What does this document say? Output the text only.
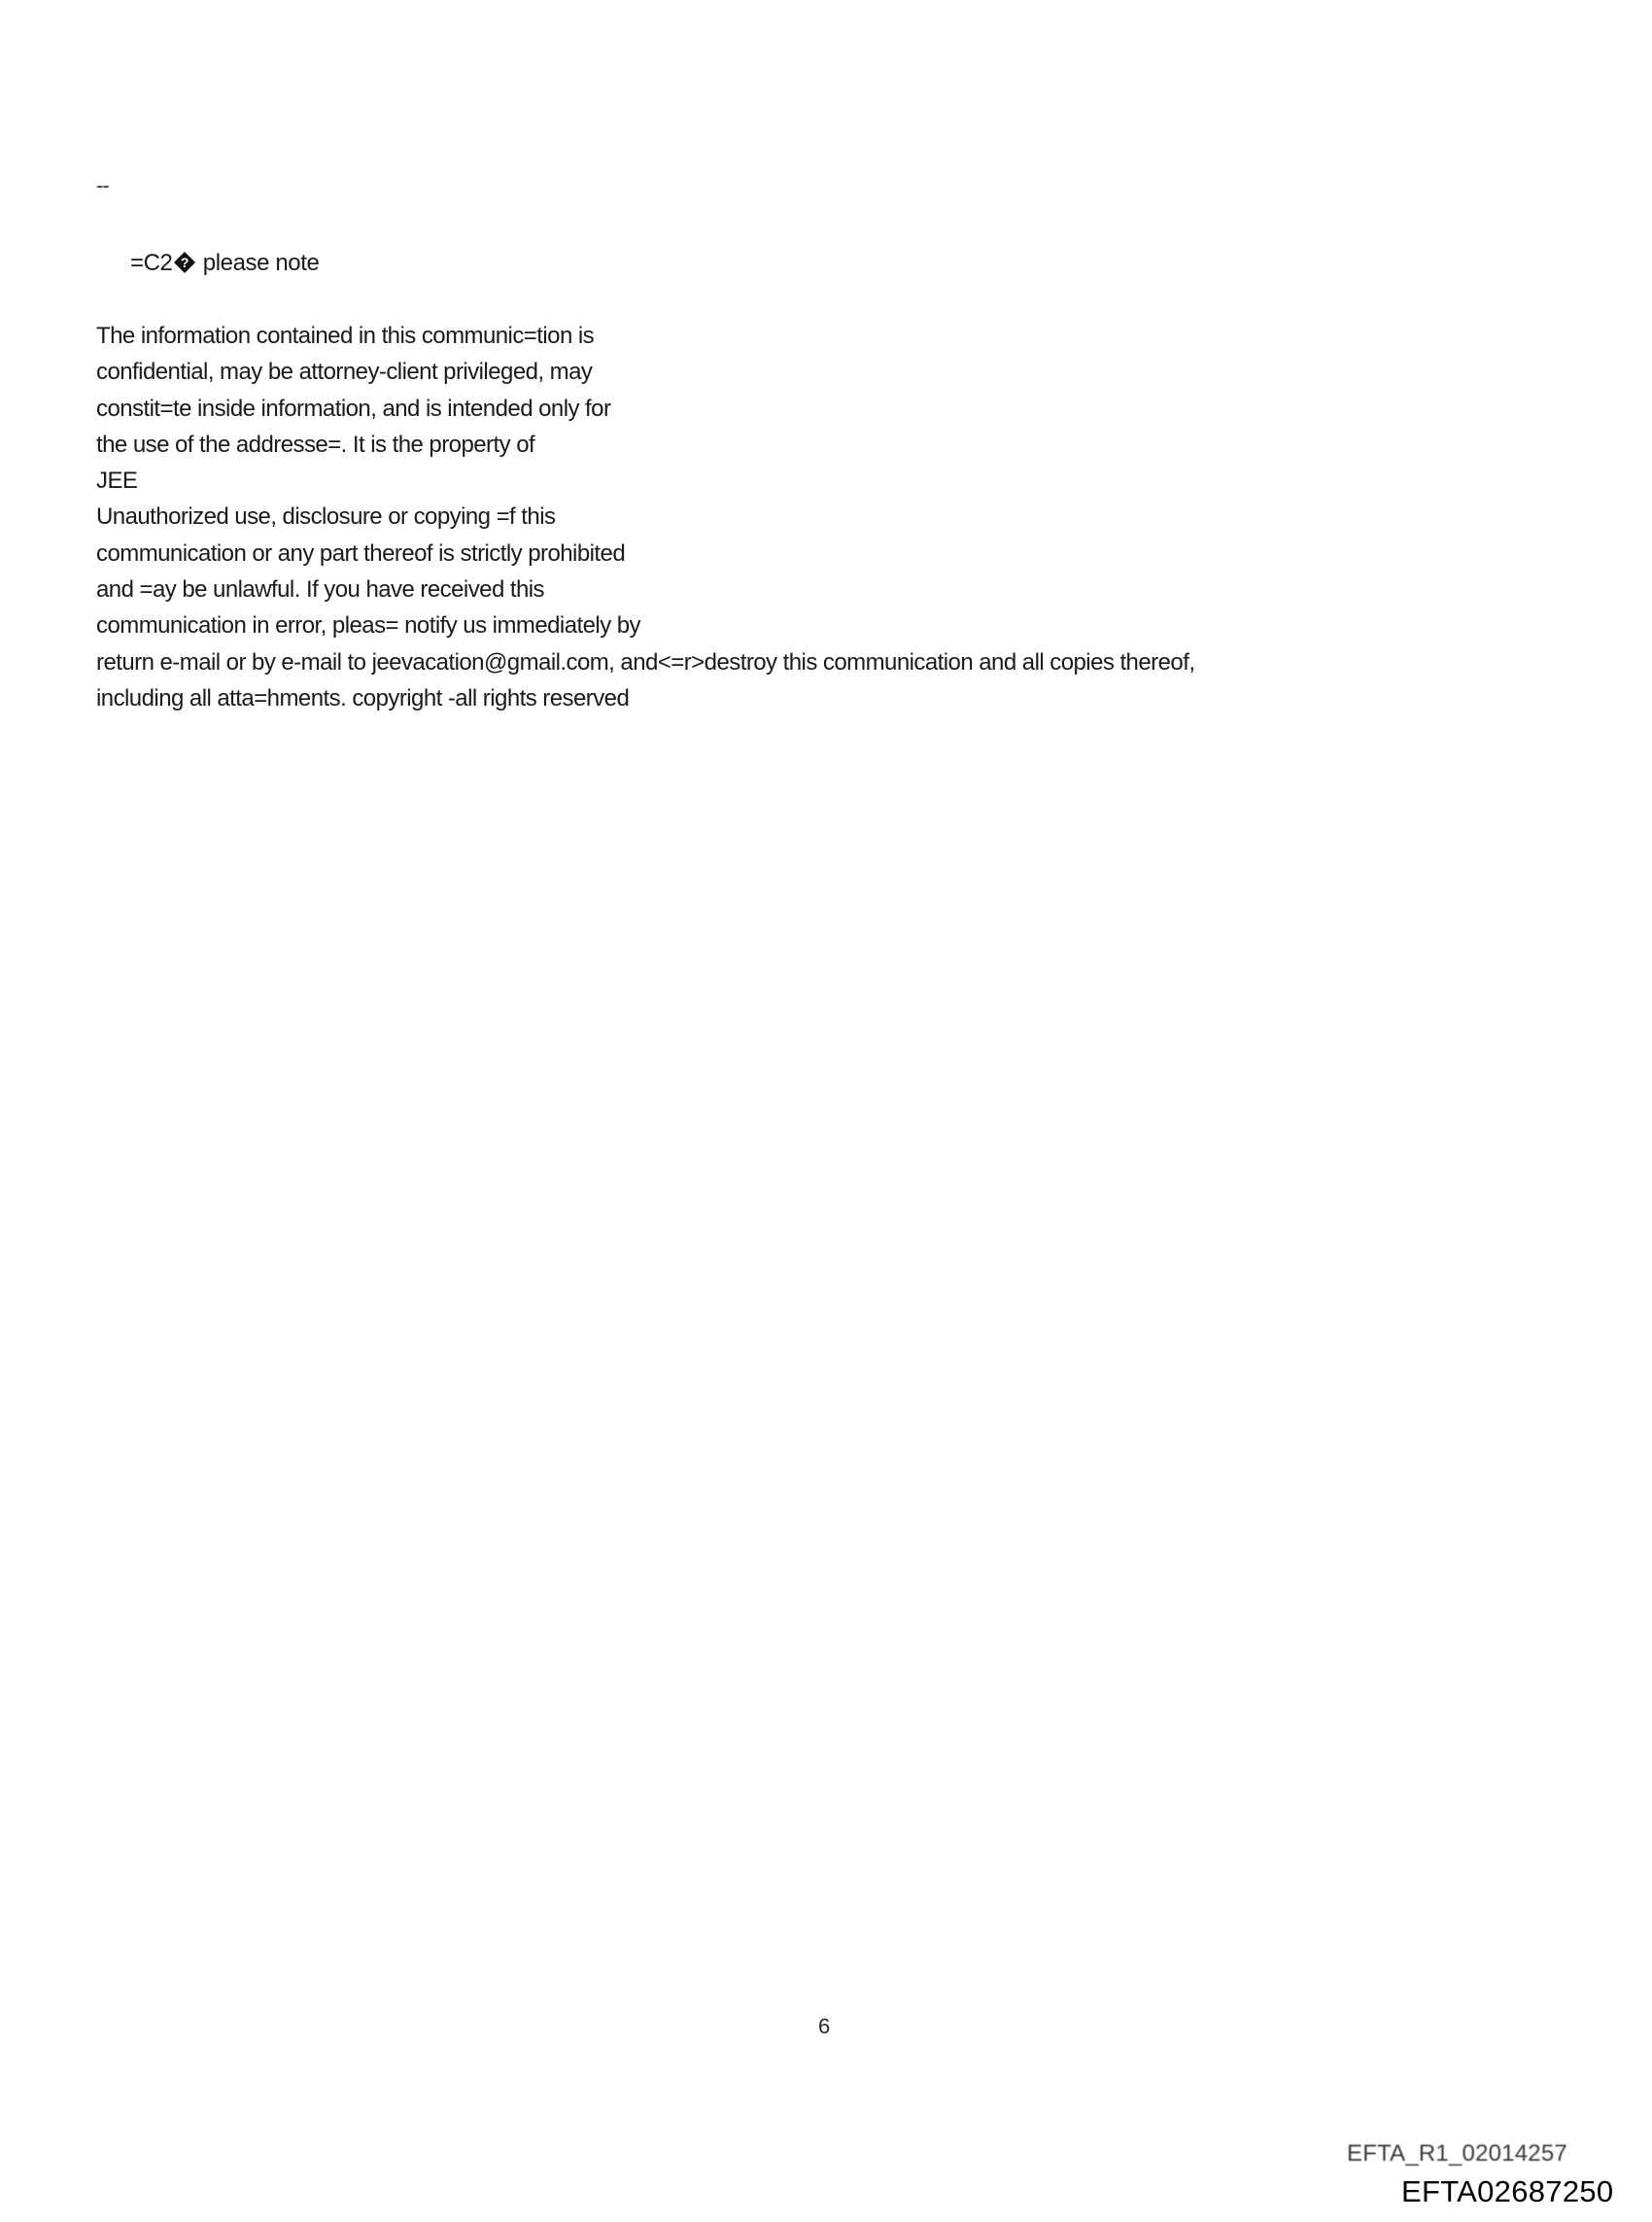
--
=C2 ? please note
The information contained in this communic=tion is
confidential, may be attorney-client privileged, may
constit=te inside information, and is intended only for
the use of the addresse=. It is the property of
JEE
Unauthorized use, disclosure or copying =f this
communication or any part thereof is strictly prohibited
and =ay be unlawful. If you have received this
communication in error, pleas= notify us immediately by
return e-mail or by e-mail to jeevacation@gmail.com, and<=r>destroy this communication and all copies thereof,
including all atta=hments. copyright -all rights reserved
6
EFTA_R1_02014257
EFTA02687250
